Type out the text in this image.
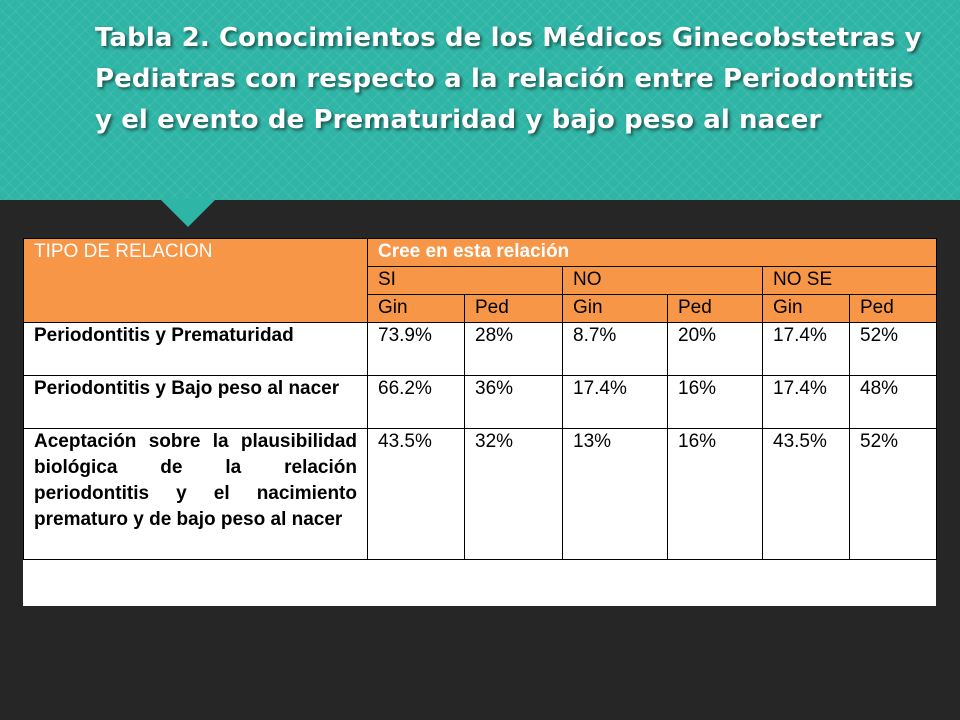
Tabla 2. Conocimientos de los Médicos Ginecobstetras y Pediatras con respecto a la relación entre Periodontitis y el evento de Prematuridad y bajo peso al nacer
TIPO DE RELACION	Cree en esta relación					
	SI		NO		NO SE	
	Gin	Ped	Gin	Ped	Gin	Ped
Periodontitis y Prematuridad	73.9%	28%	8.7%	20%	17.4%	52%
Periodontitis y Bajo peso al nacer	66.2%	36%	17.4%	16%	17.4%	48%
Aceptación sobre la plausibilidad biológica de la relación periodontitis y el nacimiento prematuro y de bajo peso al nacer	43.5%	32%	13%	16%	43.5%	52%
